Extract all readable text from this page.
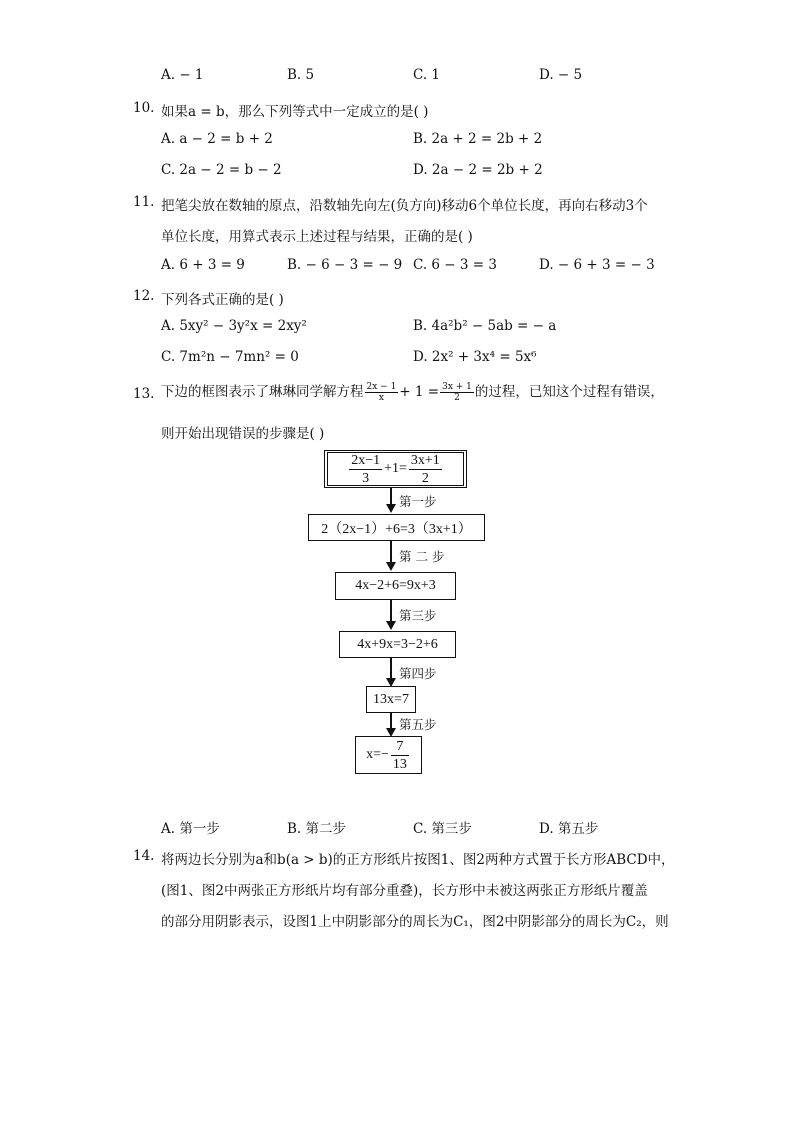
A. − 1	B. 5	C. 1	D. − 5
10. 如果a = b，那么下列等式中一定成立的是( )
A. a − 2 = b + 2	B. 2a + 2 = 2b + 2
C. 2a − 2 = b − 2	D. 2a − 2 = 2b + 2
11. 把笔尖放在数轴的原点，沿数轴先向左(负方向)移动6个单位长度，再向右移动3个
单位长度，用算式表示上述过程与结果，正确的是( )
A. 6 + 3 = 9	B. − 6 − 3 = − 9 C. 6 − 3 = 3	D. − 6 + 3 = − 3
12. 下列各式正确的是( )
A. 5xy² − 3y²x = 2xy²	B. 4a²b² − 5ab = − a
C. 7m²n − 7mn² = 0	D. 2x² + 3x⁴ = 5x⁶
13. 下边的框图表示了琳琳同学解方程 $\frac{2x - 1}{x} + 1 = \frac{3x + 1}{2}$ 的过程，已知这个过程有错误，
则开始出现错误的步骤是( )
$\frac{2x-1}{3} +1= \frac{3x+1}{2}$
第一步
2（2x−1）+6=3（3x+1）
第 二 步
4x−2+6=9x+3
第三步
4x+9x=3−2+6
第四步
13x=7
第五步
$x=- \frac{7}{13}$
A. 第一步	B. 第二步	C. 第三步	D. 第五步
14. 将两边长分别为a和b(a > b)的正方形纸片按图1、图2两种方式置于长方形ABCD中，
(图1、图2中两张正方形纸片均有部分重叠)，长方形中未被这两张正方形纸片覆盖
的部分用阴影表示，设图1上中阴影部分的周长为C₁，图2中阴影部分的周长为C₂，则
